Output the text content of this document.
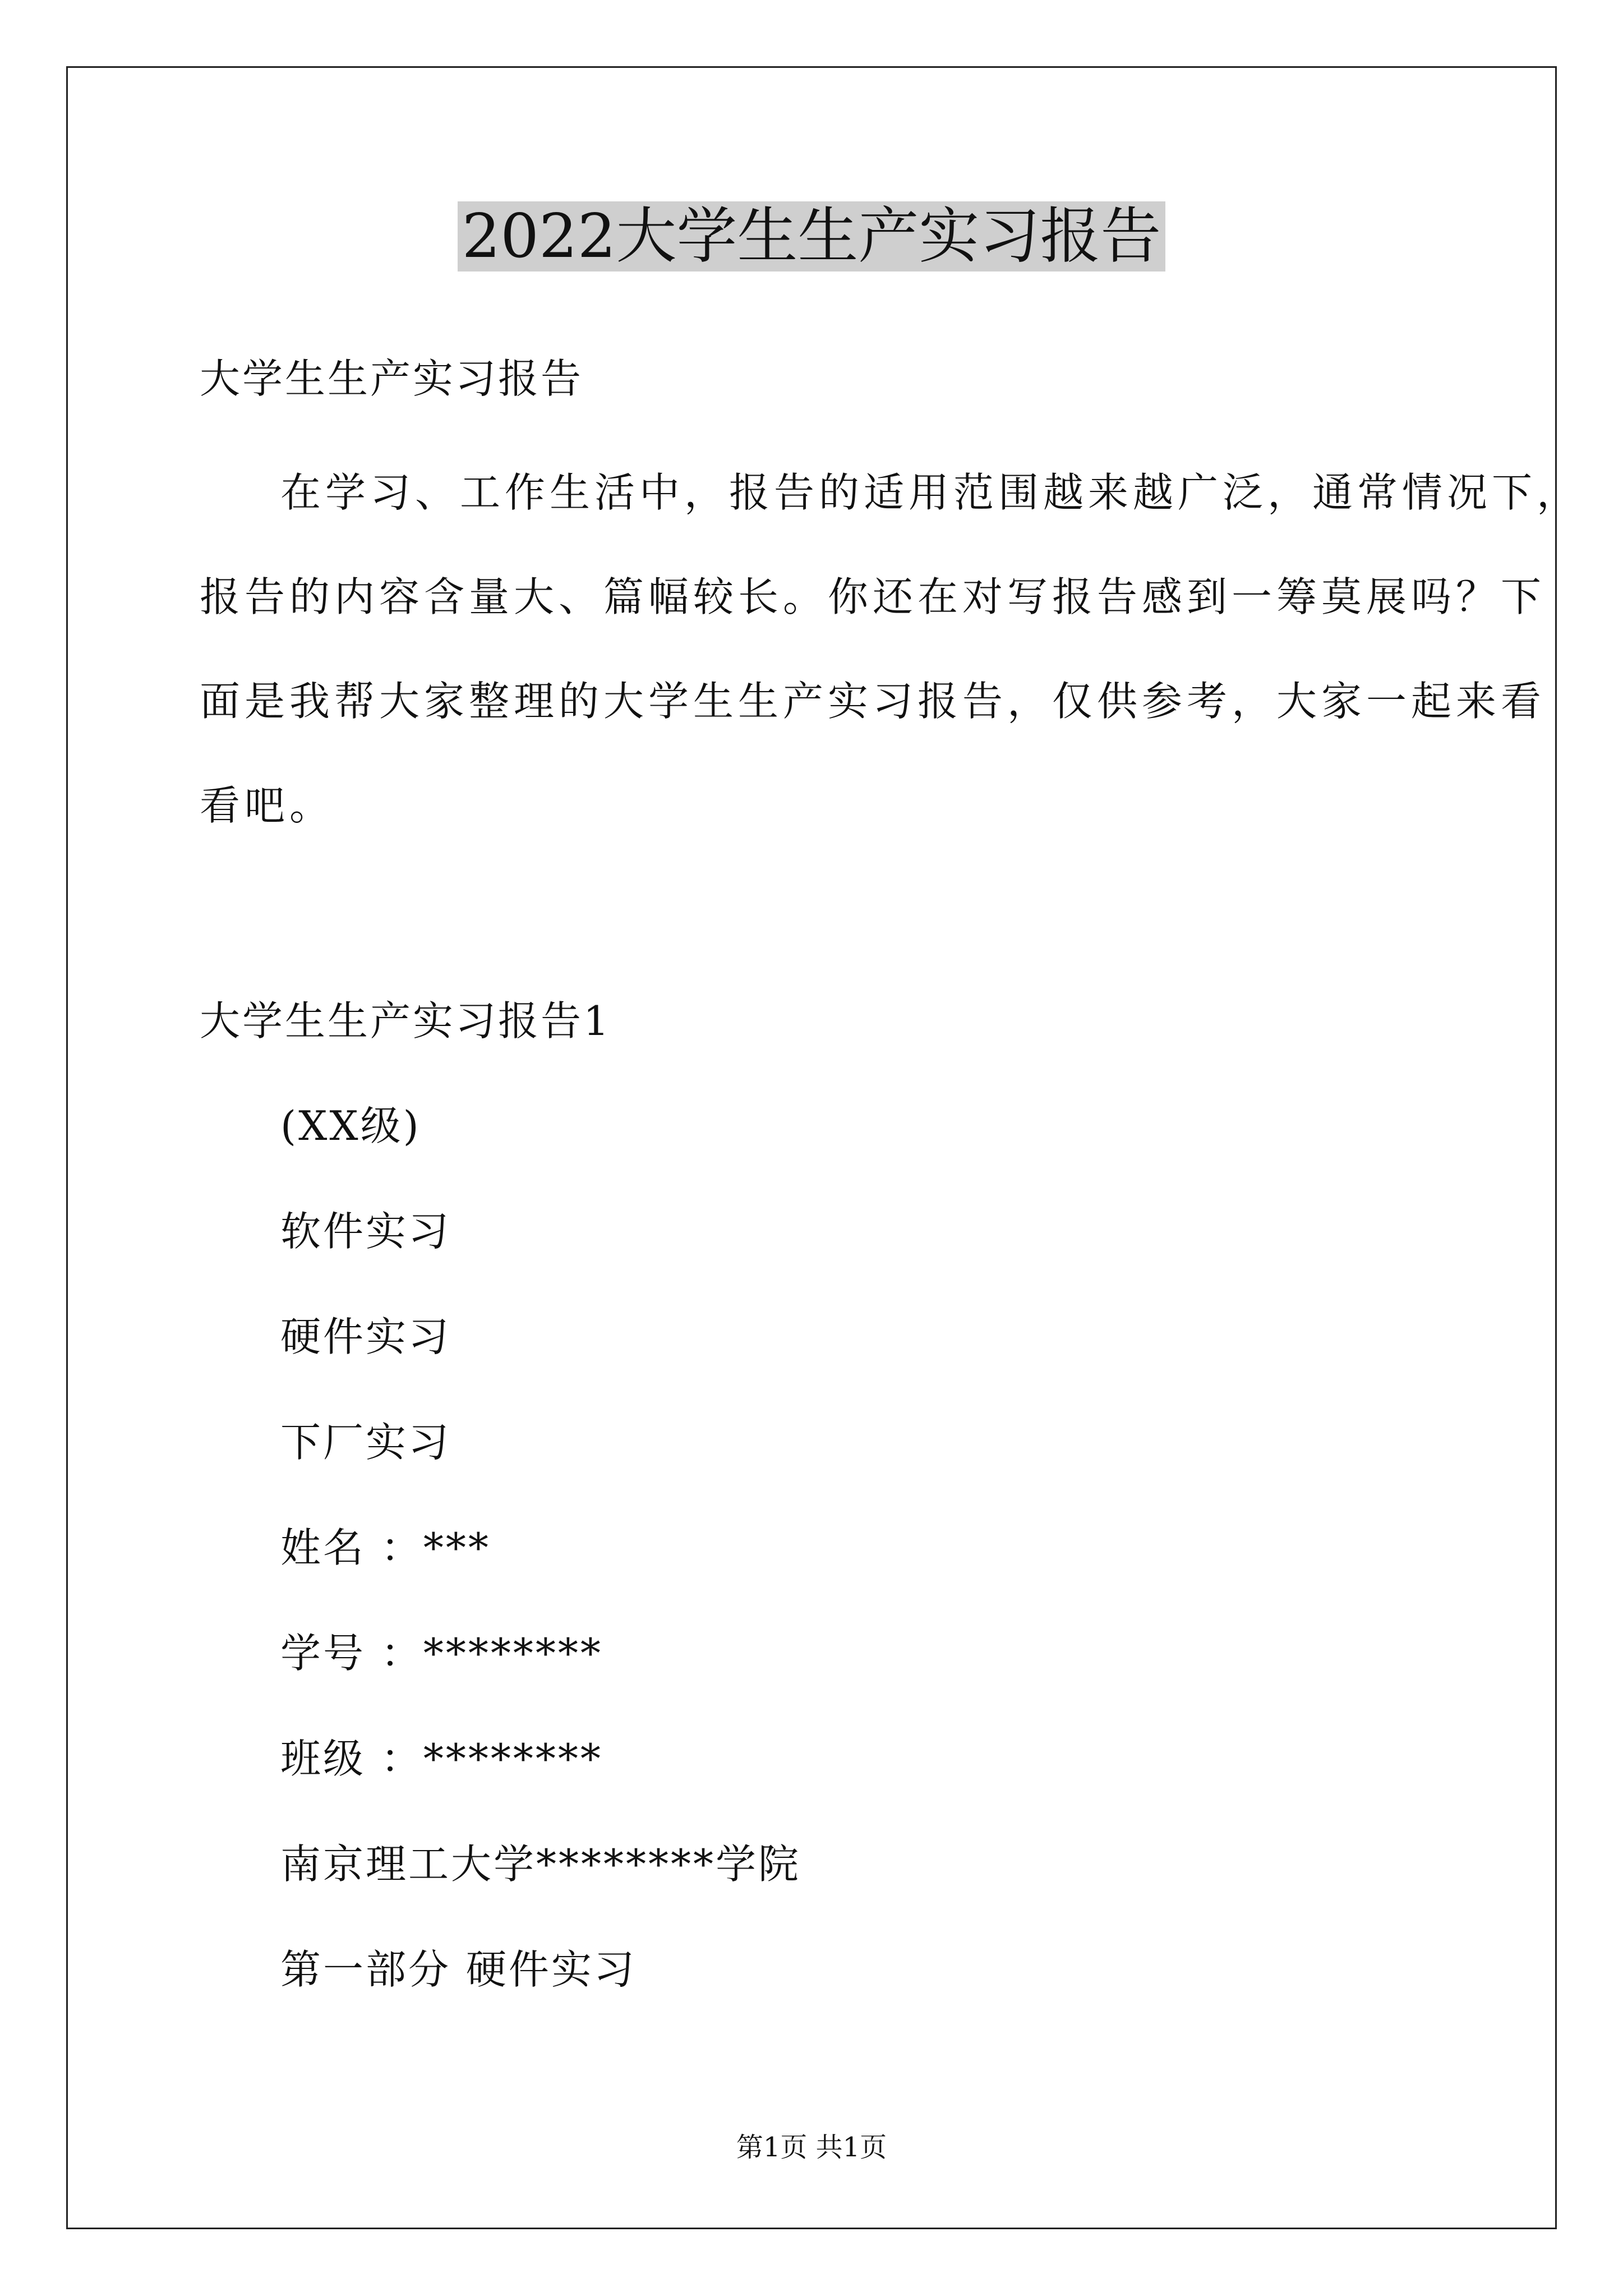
2022大学生生产实习报告

大学生生产实习报告

在学习、工作生活中，报告的适用范围越来越广泛，通常情况下，
报告的内容含量大、篇幅较长。你还在对写报告感到一筹莫展吗？下
面是我帮大家整理的大学生生产实习报告，仅供参考，大家一起来看
看吧。

大学生生产实习报告1

(XX级)

软件实习

硬件实习

下厂实习

姓名 ：***

学号 ：********

班级 ：********

南京理工大学********学院

第一部分 硬件实习

第1页 共1页
